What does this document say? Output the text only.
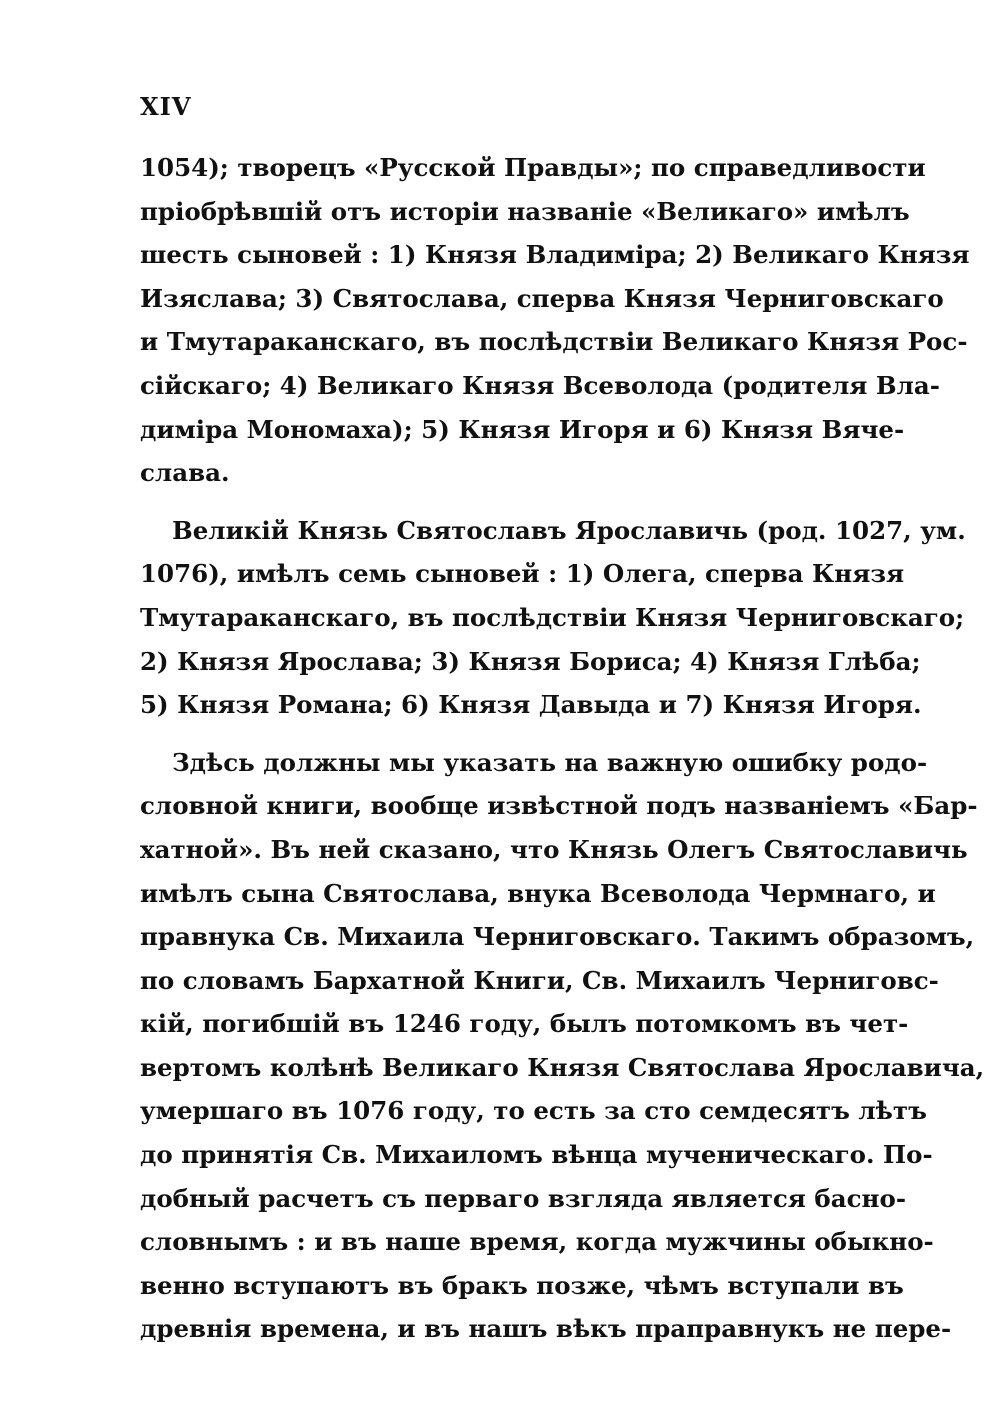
XIV
1054); творецъ «Русской Правды»; по справедливости
пріобрѣвшій отъ исторіи названіе «Великаго» имѣлъ
шесть сыновей : 1) Князя Владиміра; 2) Великаго Князя
Изяслава; 3) Святослава, сперва Князя Черниговскаго
и Тмутараканскаго, въ послѣдствіи Великаго Князя Рос-
сійскаго; 4) Великаго Князя Всеволода (родителя Вла-
диміра Мономаха); 5) Князя Игоря и 6) Князя Вяче-
слава.
Великій Князь Святославъ Ярославичь (род. 1027, ум.
1076), имѣлъ семь сыновей : 1) Олега, сперва Князя
Тмутараканскаго, въ послѣдствіи Князя Черниговскаго;
2) Князя Ярослава; 3) Князя Бориса; 4) Князя Глѣба;
5) Князя Романа; 6) Князя Давыда и 7) Князя Игоря.
Здѣсь должны мы указать на важную ошибку родо-
словной книги, вообще извѣстной подъ названіемъ «Бар-
хатной». Въ ней сказано, что Князь Олегъ Святославичь
имѣлъ сына Святослава, внука Всеволода Чермнаго, и
правнука Св. Михаила Черниговскаго. Такимъ образомъ,
по словамъ Бархатной Книги, Св. Михаилъ Черниговс-
кій, погибшій въ 1246 году, былъ потомкомъ въ чет-
вертомъ колѣнѣ Великаго Князя Святослава Ярославича,
умершаго въ 1076 году, то есть за сто семдесятъ лѣтъ
до принятія Св. Михаиломъ вѣнца мученическаго. По-
добный расчетъ съ перваго взгляда является басно-
словнымъ : и въ наше время, когда мужчины обыкно-
венно вступаютъ въ бракъ позже, чѣмъ вступали въ
древнія времена, и въ нашъ вѣкъ праправнукъ не пере-
